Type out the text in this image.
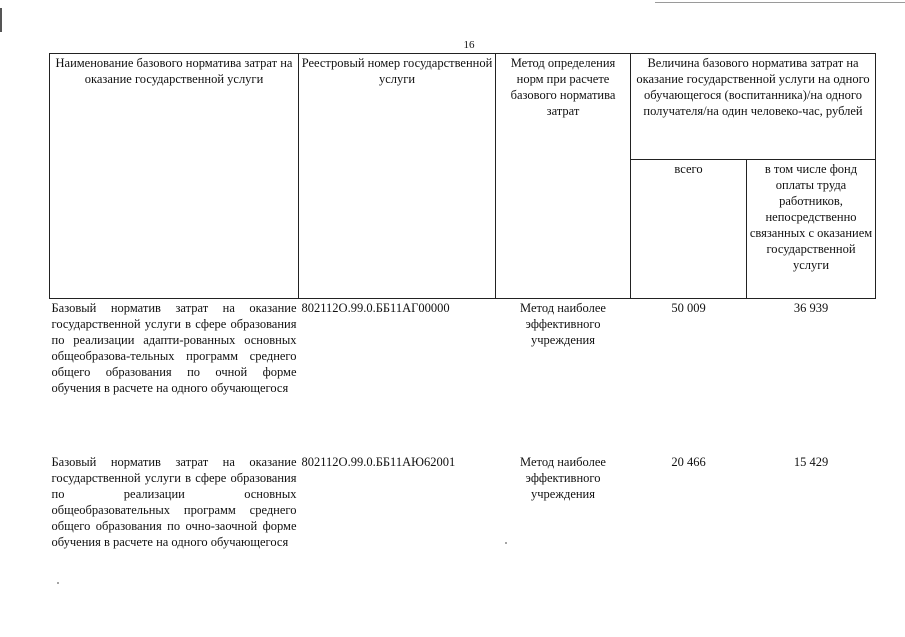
16
Наименование базового норматива затрат на оказание государственной услуги	Реестровый номер государственной услуги	Метод определения норм при расчете базового норматива затрат	Величина базового норматива затрат на оказание государственной услуги на одного обучающегося (воспитанника)/на одного получателя/на один человеко-час, рублей	
			всего	в том числе фонд оплаты труда работников, непосредственно связанных с оказанием государственной услуги
Базовый норматив затрат на оказание государственной услуги в сфере образования по реализации адапти-рованных основных общеобразова-тельных программ среднего общего образования по очной форме обучения в расчете на одного обучающегося	802112О.99.0.ББ11АГ00000	Метод наиболее эффективного учреждения	50 009	36 939
Базовый норматив затрат на оказание государственной услуги в сфере образования по реализации основных общеобразовательных программ среднего общего образования по очно-заочной форме обучения в расчете на одного обучающегося	802112О.99.0.ББ11АЮ62001	Метод наиболее эффективного учреждения	20 466	15 429
